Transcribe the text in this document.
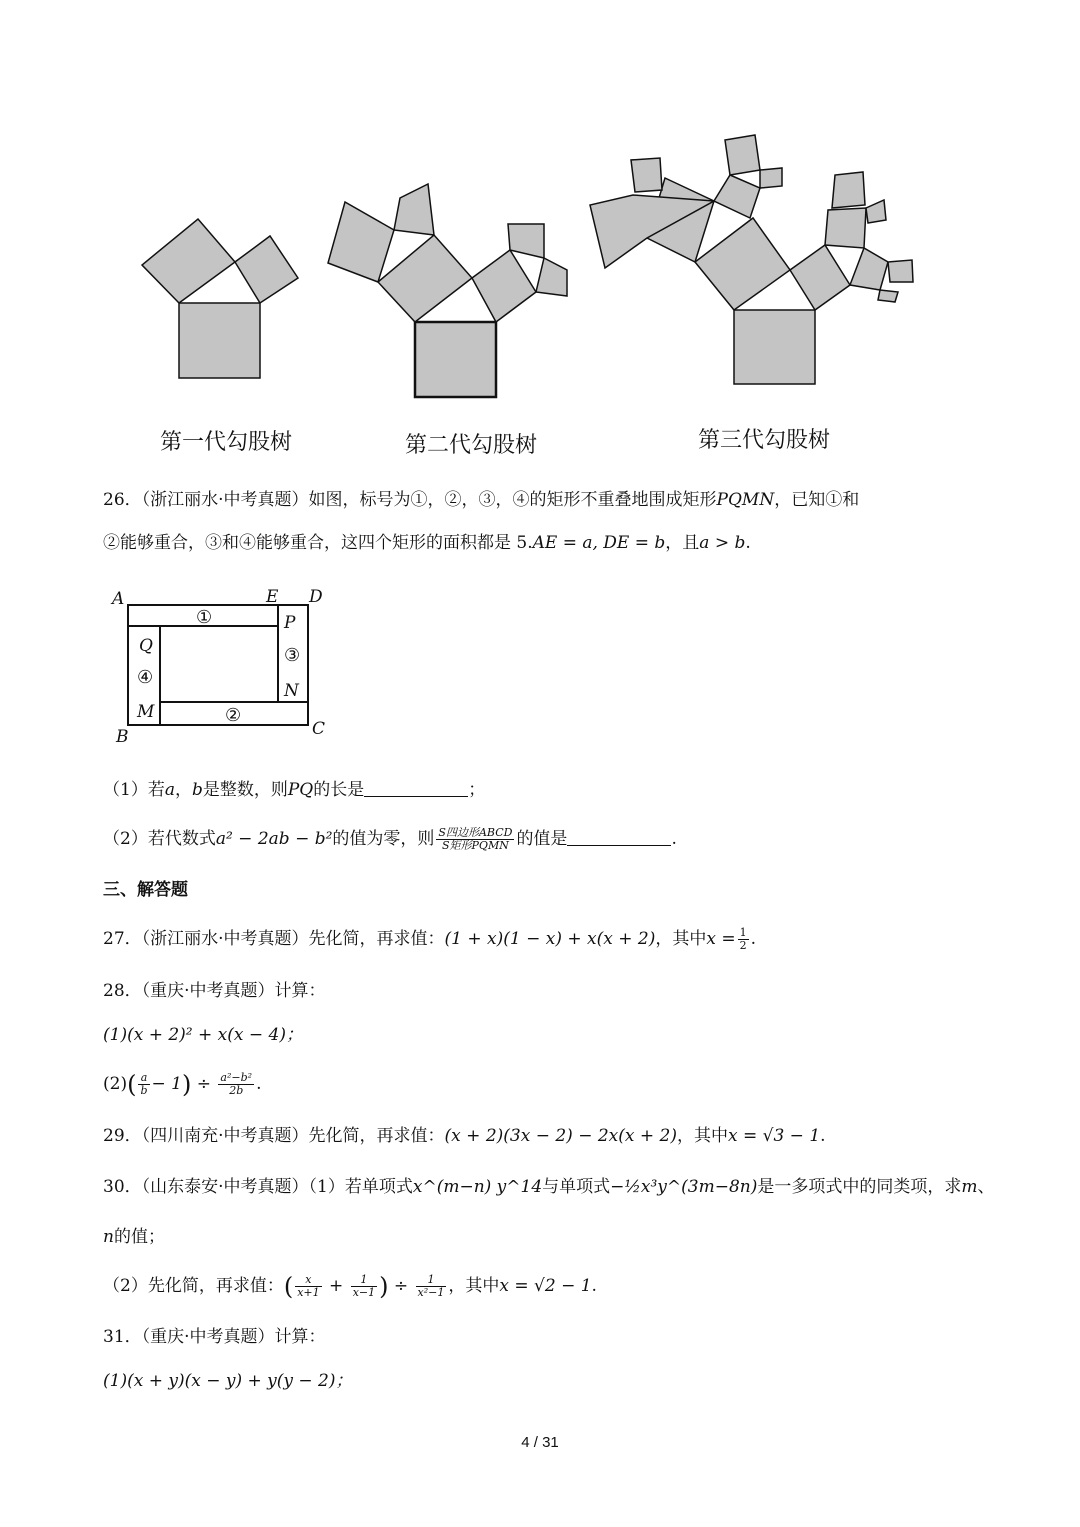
第一代勾股树	第二代勾股树	第三代勾股树
26．（浙江丽水·中考真题）如图，标号为①，②，③，④的矩形不重叠地围成矩形PQMN，已知①和
②能够重合，③和④能够重合，这四个矩形的面积都是 5.AE = a, DE = b，且a > b.
A	E D
B	C
P
Q
M
N
①
②
③
④
（1）若a，b是整数，则PQ的长是	；
（2）若代数式a² − 2ab − b²的值为零，则 $\frac{\text{S四边形ABCD}}{\text{S矩形PQMN}}$ 的值是	.
三、解答题
27．（浙江丽水·中考真题）先化简，再求值：(1 + x)(1 − x) + x(x + 2)，其中$x = \frac{1}{2}$ .
28．（重庆·中考真题）计算：
(1)(x + 2)² + x(x − 4)；
$(2)( \frac{a}{b} - 1) \div \frac{\text{a²−b²}}{2b}$ .
29．（四川南充·中考真题）先化简，再求值：(x + 2)(3x − 2) − 2x(x + 2)，其中x = √3 − 1.
30．（山东泰安·中考真题）（1）若单项式x^(m−n) y^14与单项式−½x³y^(3m−8n)是一多项式中的同类项，求m、
n的值；
（2）先化简，再求值：( $\frac{x}{x+1} + \frac{1}{x-1}$ ) ÷ $\frac{1}{\text{x²−1}}$ ，其中x = √2 − 1.
31．（重庆·中考真题）计算：
(1)(x + y)(x − y) + y(y − 2)；
4 / 31
